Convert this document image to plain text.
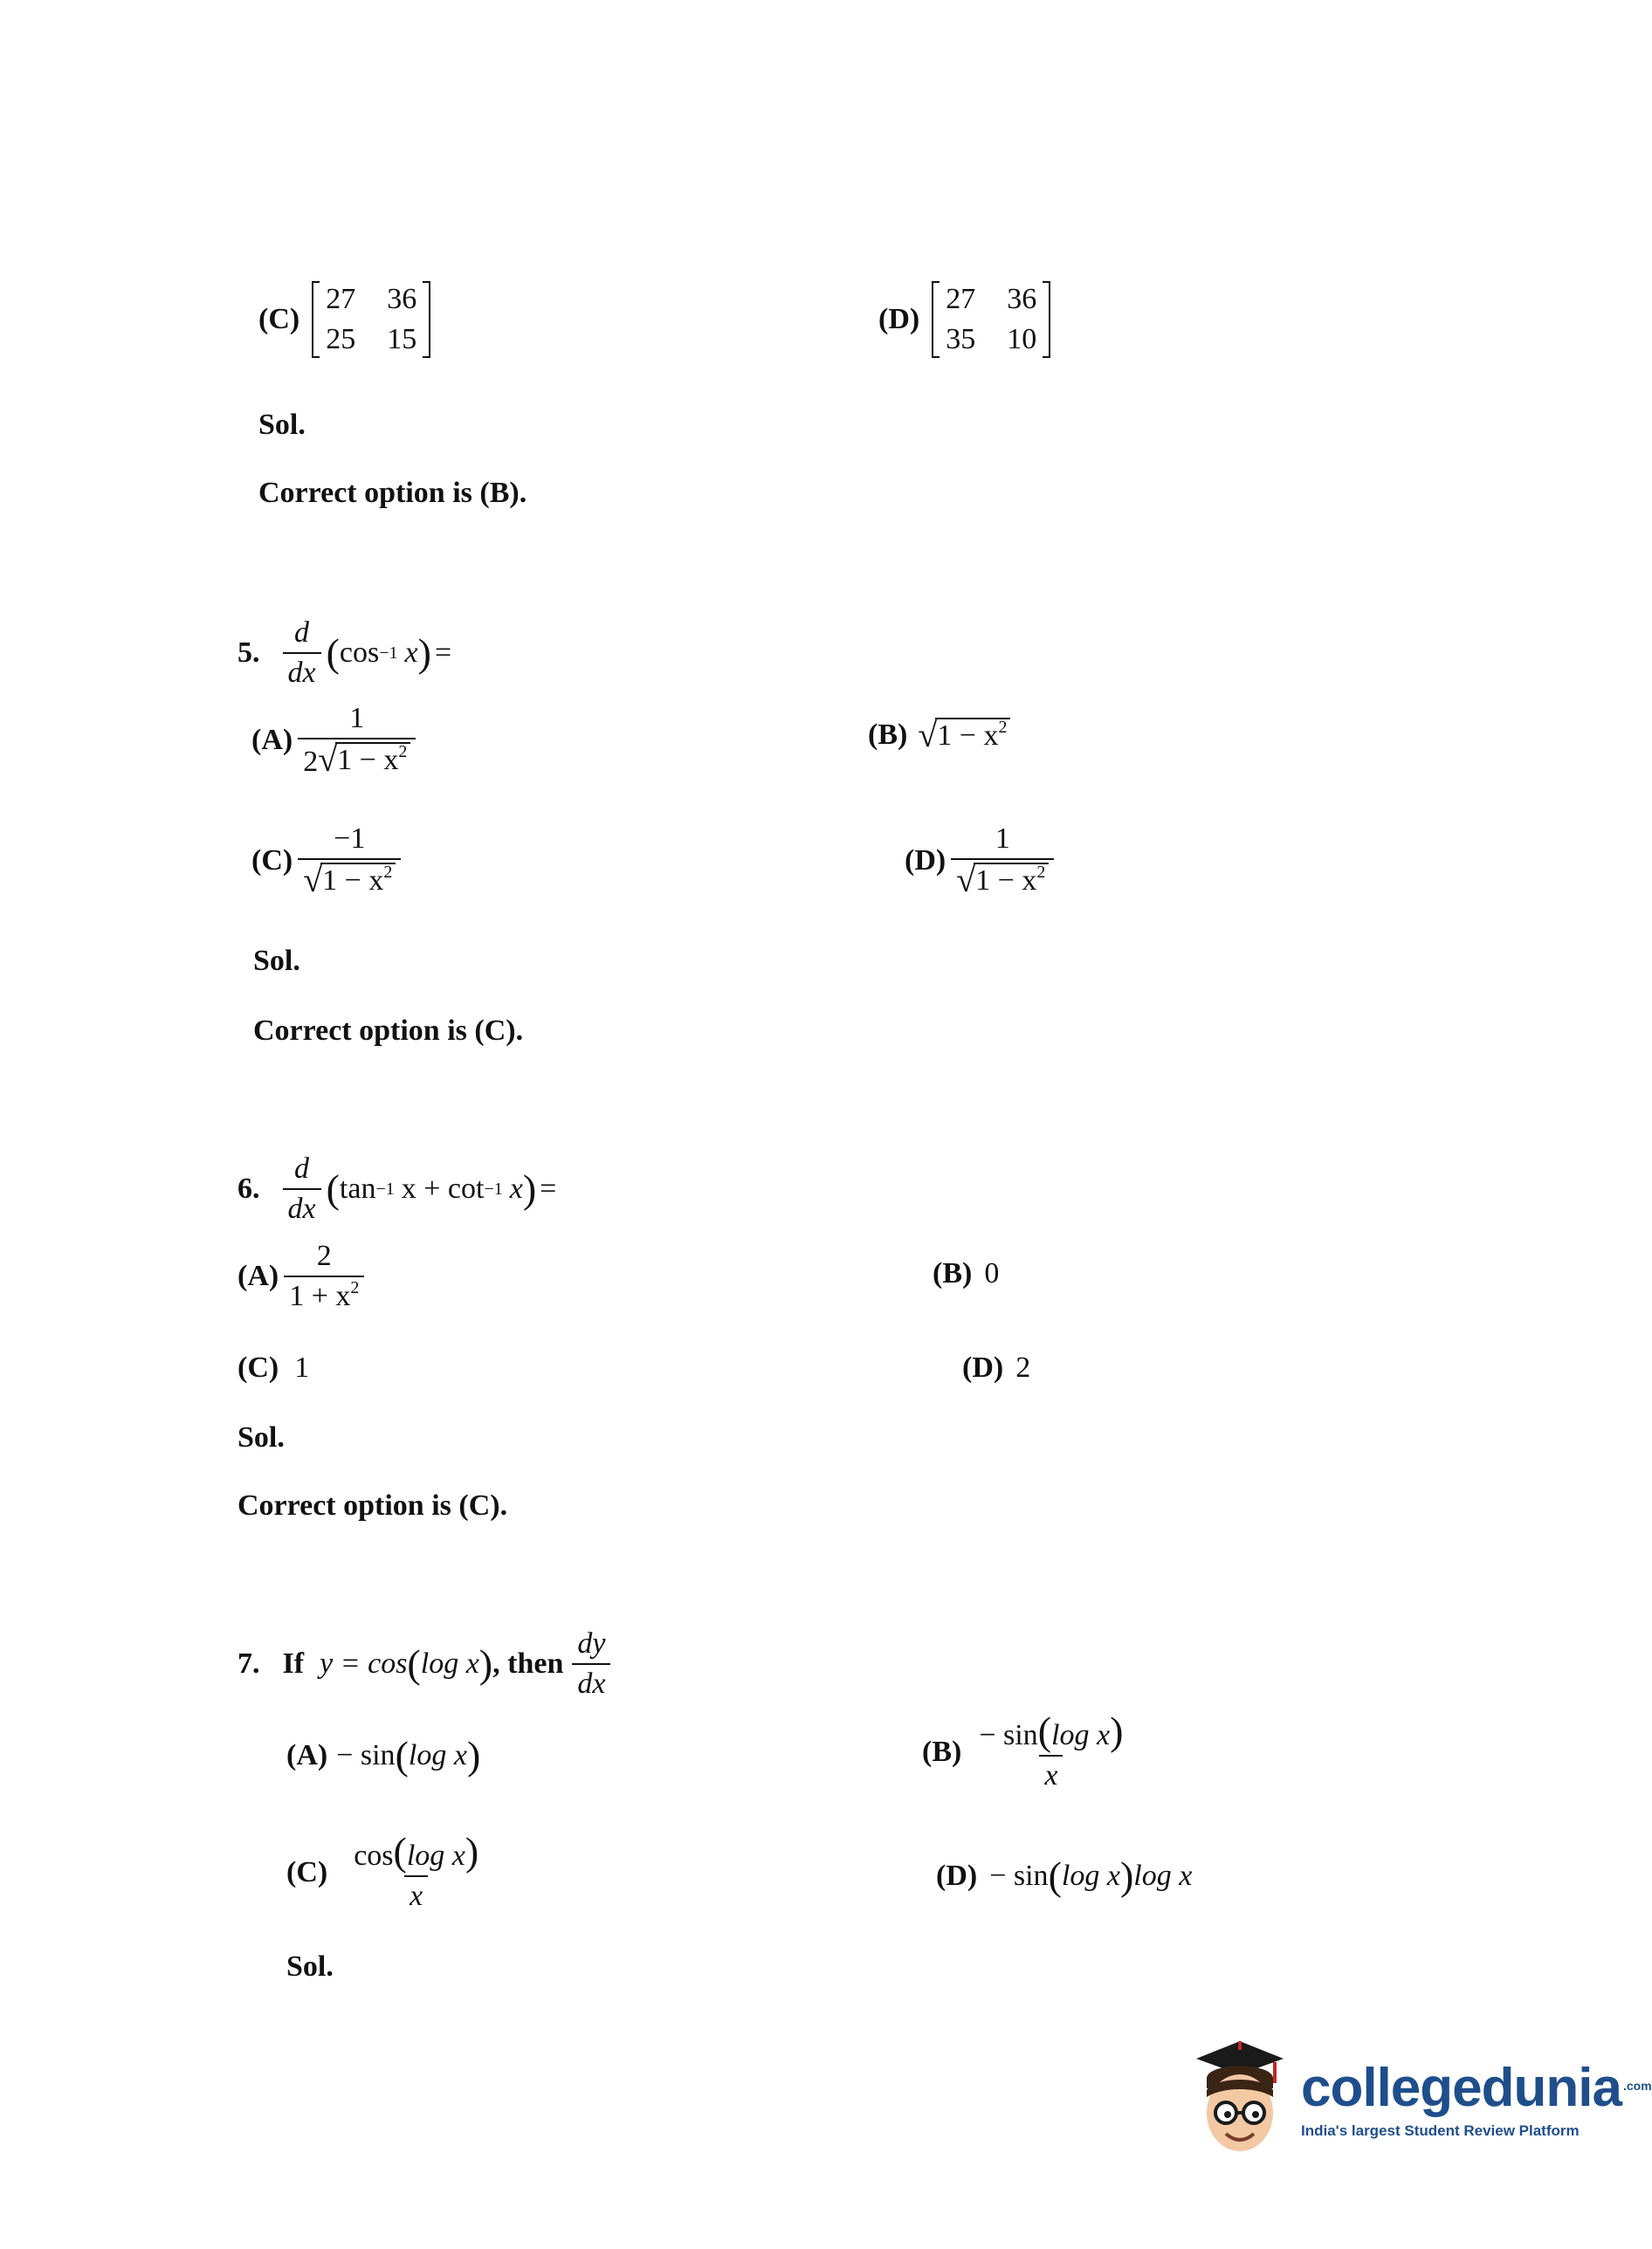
(C)
27 36
25 15
(D)
27 36
35 10
Sol.
Correct option is (B).
5. $\frac{d}{dx}$ ( cos −1 x ) =
$(A) \frac{1}{2 √ 1 - x^2}$	(B) √ $1 - x^2$
$(C) \frac{-1}{√ 1 - x^2}$	$(D) \frac{1}{√ 1 - x^2}$
Sol.
Correct option is (C).
6. $\frac{d}{dx}$ ( tan −1 x + cot −1 x ) =
$(A) \frac{2}{1 + x^2}$	(B) 0
(C) 1	(D) 2
Sol.
Correct option is (C).
7. If y = cos ( log x ) , then $\frac{dy}{dx}$
(A) − sin ( log x )	$(B) \frac{\text{− sin(log x)}}{x}$
$(C) \frac{\text{cos(log x)}}{x}$	(D) − sin ( log x ) log x
Sol.
collegedunia $^{.com}$
India's largest Student Review Platform
